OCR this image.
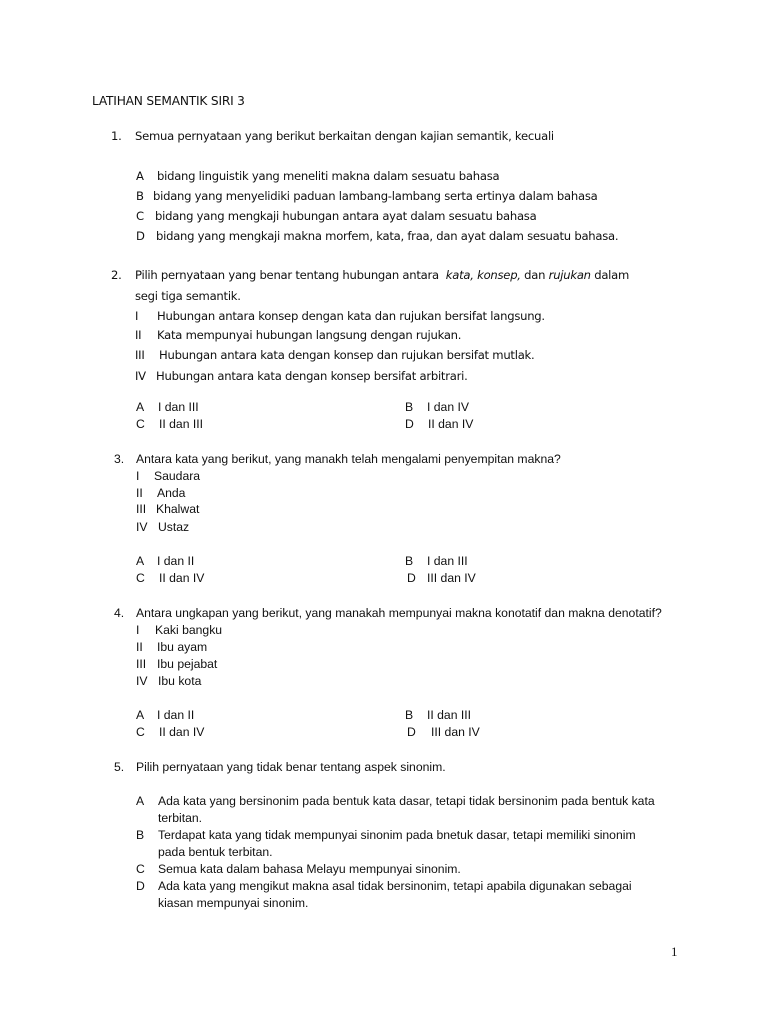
LATIHAN SEMANTIK SIRI 3
1. Semua pernyataan yang berikut berkaitan dengan kajian semantik, kecuali
A bidang linguistik yang meneliti makna dalam sesuatu bahasa
B bidang yang menyelidiki paduan lambang-lambang serta ertinya dalam bahasa
C bidang yang mengkaji hubungan antara ayat dalam sesuatu bahasa
D bidang yang mengkaji makna morfem, kata, fraa, dan ayat dalam sesuatu bahasa.
2. Pilih pernyataan yang benar tentang hubungan antara kata, konsep, dan rujukan dalam
segi tiga semantik.
I Hubungan antara konsep dengan kata dan rujukan bersifat langsung.
II Kata mempunyai hubungan langsung dengan rujukan.
III Hubungan antara kata dengan konsep dan rujukan bersifat mutlak.
IV Hubungan antara kata dengan konsep bersifat arbitrari.
A I dan III	B I dan IV
C II dan III	D II dan IV
3. Antara kata yang berikut, yang manakh telah mengalami penyempitan makna?
I Saudara
II Anda
III Khalwat
IV Ustaz
A I dan II	B I dan III
C II dan IV	D III dan IV
4. Antara ungkapan yang berikut, yang manakah mempunyai makna konotatif dan makna denotatif?
I Kaki bangku
II Ibu ayam
III Ibu pejabat
IV Ibu kota
A I dan II	B II dan III
C II dan IV	D III dan IV
5. Pilih pernyataan yang tidak benar tentang aspek sinonim.
A Ada kata yang bersinonim pada bentuk kata dasar, tetapi tidak bersinonim pada bentuk kata
terbitan.
B Terdapat kata yang tidak mempunyai sinonim pada bnetuk dasar, tetapi memiliki sinonim
pada bentuk terbitan.
C Semua kata dalam bahasa Melayu mempunyai sinonim.
D Ada kata yang mengikut makna asal tidak bersinonim, tetapi apabila digunakan sebagai
kiasan mempunyai sinonim.
1
